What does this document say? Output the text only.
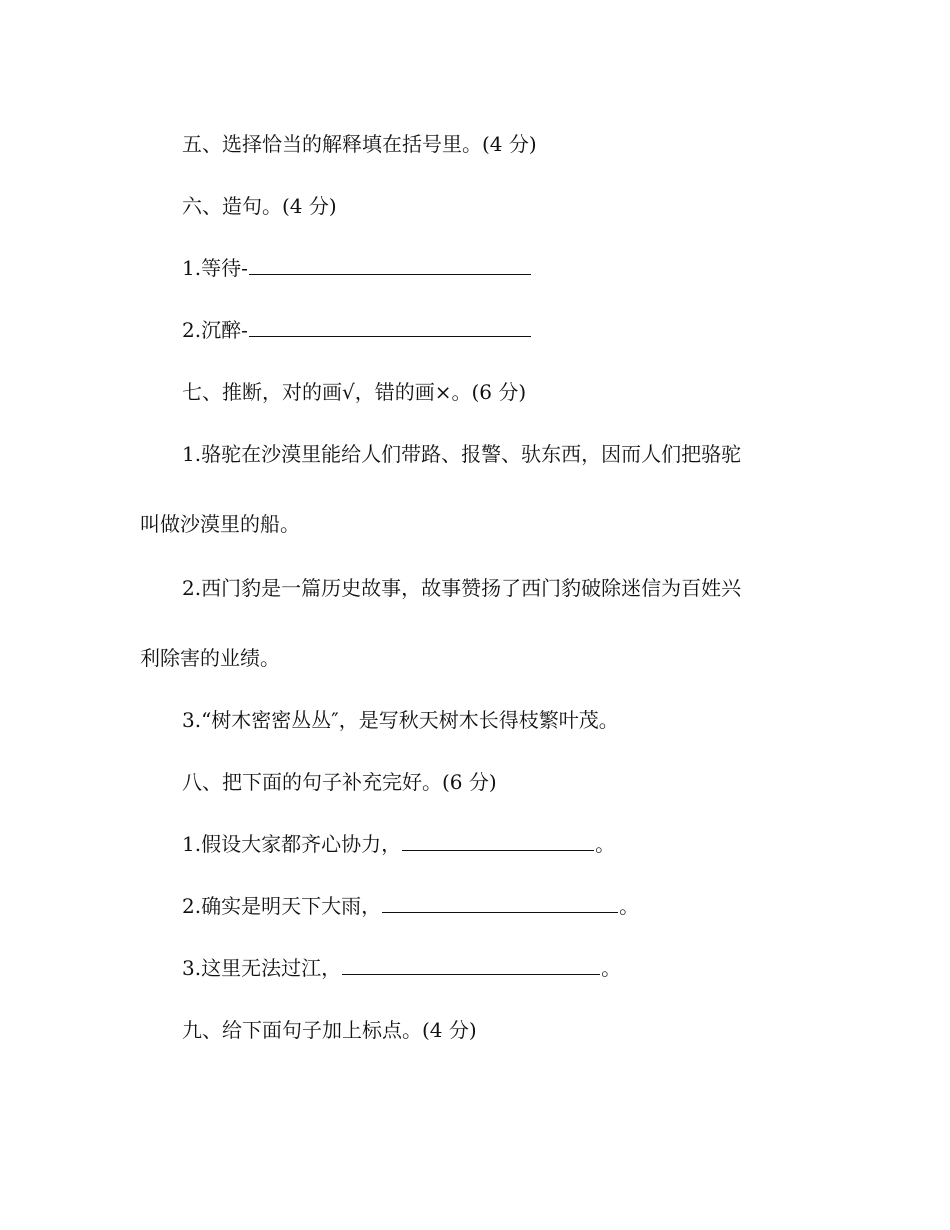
五、选择恰当的解释填在括号里。(4 分)
六、造句。(4 分)
1.等待-
2.沉醉-
七、推断，对的画√，错的画×。(6 分)
1.骆驼在沙漠里能给人们带路、报警、驮东西，因而人们把骆驼
叫做沙漠里的船。
2.西门豹是一篇历史故事，故事赞扬了西门豹破除迷信为百姓兴
利除害的业绩。
3.“树木密密丛丛″，是写秋天树木长得枝繁叶茂。
八、把下面的句子补充完好。(6 分)
1.假设大家都齐心协力，	。
2.确实是明天下大雨，	。
3.这里无法过江，	。
九、给下面句子加上标点。(4 分)
